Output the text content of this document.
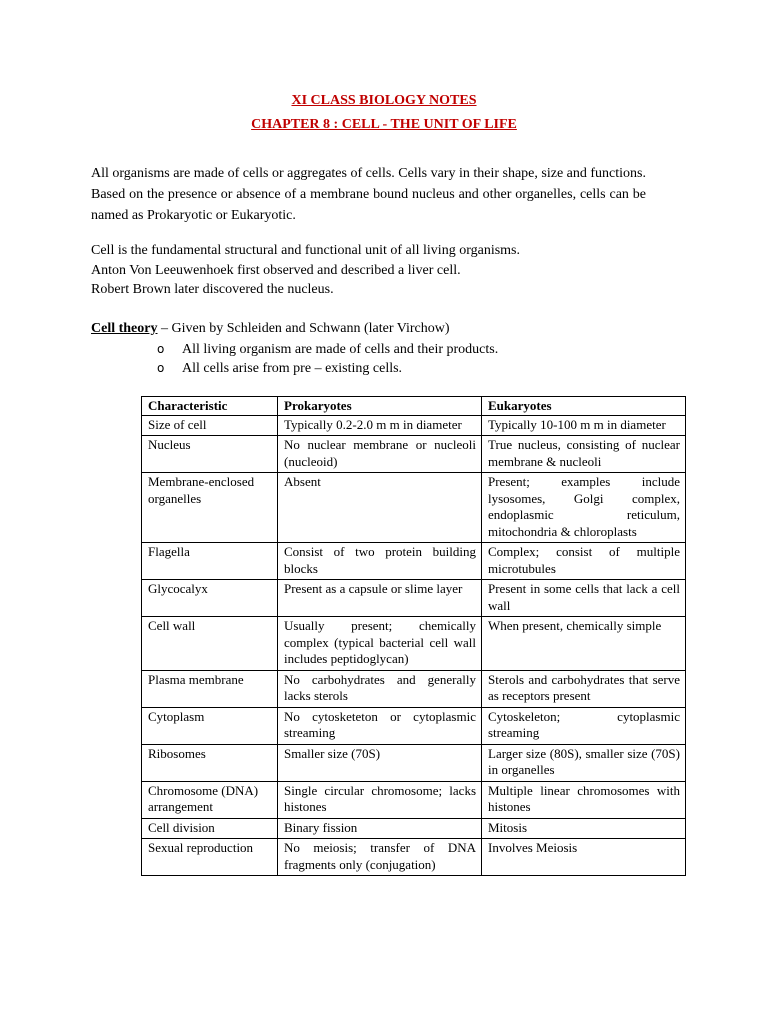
XI CLASS BIOLOGY NOTES
CHAPTER 8 : CELL - THE UNIT OF LIFE

All organisms are made of cells or aggregates of cells. Cells vary in their shape, size and functions. Based on the presence or absence of a membrane bound nucleus and other organelles, cells can be named as Prokaryotic or Eukaryotic.

Cell is the fundamental structural and functional unit of all living organisms.
Anton Von Leeuwenhoek first observed and described a liver cell.
Robert Brown later discovered the nucleus.
Cell theory – Given by Schleiden and Schwann (later Virchow)
o All living organism are made of cells and their products.
o All cells arise from pre – existing cells.
Characteristic	Prokaryotes	Eukaryotes
Size of cell	Typically 0.2-2.0 m m in diameter	Typically 10-100 m m in diameter
Nucleus	No nuclear membrane or nucleoli (nucleoid)	True nucleus, consisting of nuclear membrane & nucleoli
Membrane-enclosed organelles	Absent	Present; examples include lysosomes, Golgi complex, endoplasmic reticulum, mitochondria & chloroplasts
Flagella	Consist of two protein building blocks	Complex; consist of multiple microtubules
Glycocalyx	Present as a capsule or slime layer	Present in some cells that lack a cell wall
Cell wall	Usually present; chemically complex (typical bacterial cell wall includes peptidoglycan)	When present, chemically simple
Plasma membrane	No carbohydrates and generally lacks sterols	Sterols and carbohydrates that serve as receptors present
Cytoplasm	No cytosketeton or cytoplasmic streaming	Cytoskeleton; cytoplasmic streaming
Ribosomes	Smaller size (70S)	Larger size (80S), smaller size (70S) in organelles
Chromosome (DNA) arrangement	Single circular chromosome; lacks histones	Multiple linear chromosomes with histones
Cell division	Binary fission	Mitosis
Sexual reproduction	No meiosis; transfer of DNA fragments only (conjugation)	Involves Meiosis
